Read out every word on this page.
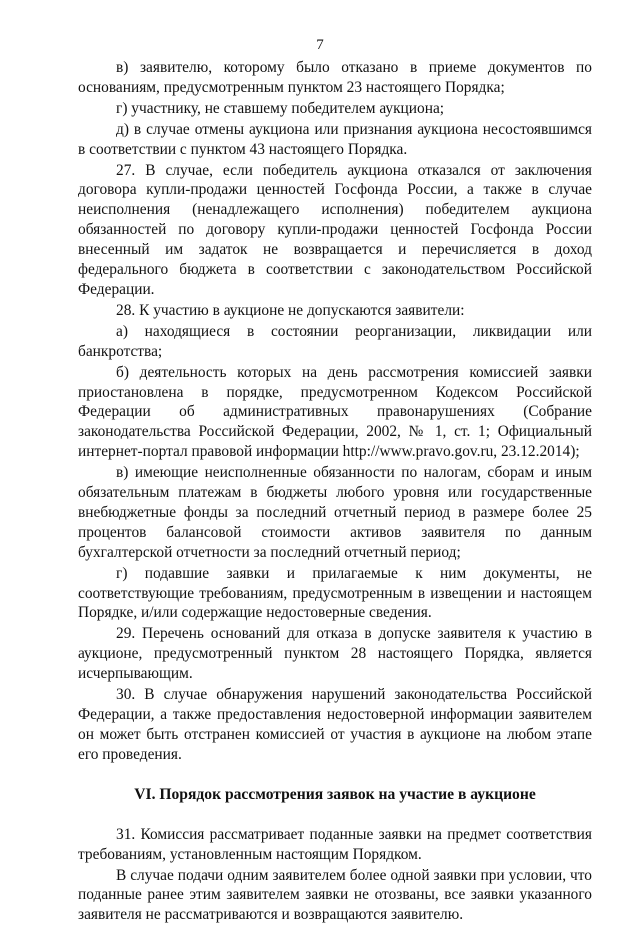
7

в) заявителю, которому было отказано в приеме документов по основаниям, предусмотренным пунктом 23 настоящего Порядка;

г) участнику, не ставшему победителем аукциона;

д) в случае отмены аукциона или признания аукциона несостоявшимся в соответствии с пунктом 43 настоящего Порядка.

27. В случае, если победитель аукциона отказался от заключения договора купли-продажи ценностей Госфонда России, а также в случае неисполнения (ненадлежащего исполнения) победителем аукциона обязанностей по договору купли-продажи ценностей Госфонда России внесенный им задаток не возвращается и перечисляется в доход федерального бюджета в соответствии с законодательством Российской Федерации.

28. К участию в аукционе не допускаются заявители:

а) находящиеся в состоянии реорганизации, ликвидации или банкротства;

б) деятельность которых на день рассмотрения комиссией заявки приостановлена в порядке, предусмотренном Кодексом Российской Федерации об административных правонарушениях (Собрание законодательства Российской Федерации, 2002, № 1, ст. 1; Официальный интернет-портал правовой информации http://www.pravo.gov.ru, 23.12.2014);

в) имеющие неисполненные обязанности по налогам, сборам и иным обязательным платежам в бюджеты любого уровня или государственные внебюджетные фонды за последний отчетный период в размере более 25 процентов балансовой стоимости активов заявителя по данным бухгалтерской отчетности за последний отчетный период;

г) подавшие заявки и прилагаемые к ним документы, не соответствующие требованиям, предусмотренным в извещении и настоящем Порядке, и/или содержащие недостоверные сведения.

29. Перечень оснований для отказа в допуске заявителя к участию в аукционе, предусмотренный пунктом 28 настоящего Порядка, является исчерпывающим.

30. В случае обнаружения нарушений законодательства Российской Федерации, а также предоставления недостоверной информации заявителем он может быть отстранен комиссией от участия в аукционе на любом этапе его проведения.

VI. Порядок рассмотрения заявок на участие в аукционе

31. Комиссия рассматривает поданные заявки на предмет соответствия требованиям, установленным настоящим Порядком.

В случае подачи одним заявителем более одной заявки при условии, что поданные ранее этим заявителем заявки не отозваны, все заявки указанного заявителя не рассматриваются и возвращаются заявителю.
